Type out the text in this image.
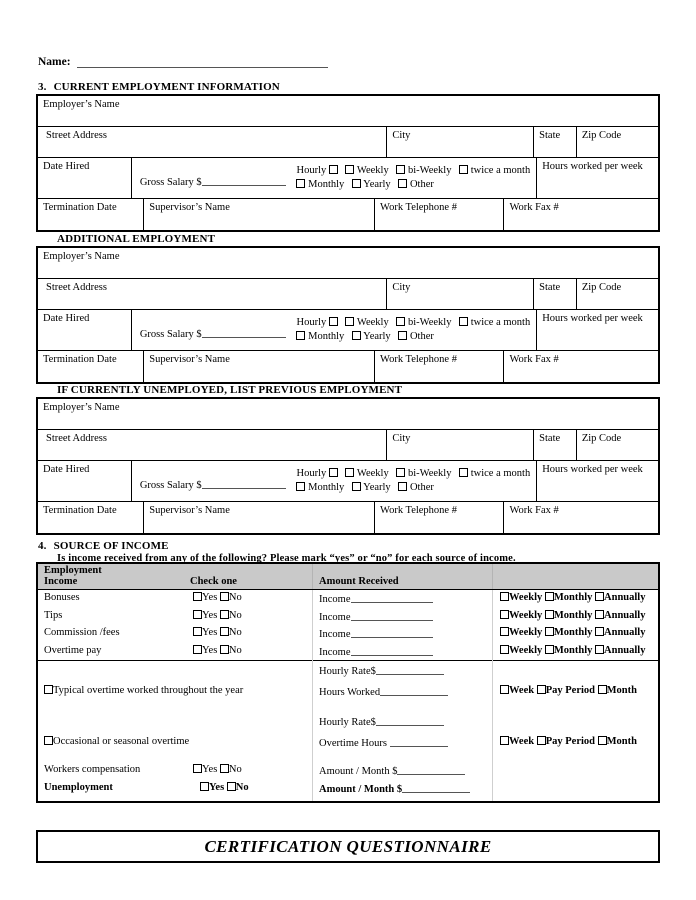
Name:
3. CURRENT EMPLOYMENT INFORMATION
Employer’s Name
Street Address	City	State	Zip Code
Date Hired
Gross Salary $
Hourly	Weekly bi-Weekly twice a month
Monthly Yearly Other
Hours worked per week
Termination Date	Supervisor’s Name	Work Telephone #	Work Fax #
ADDITIONAL EMPLOYMENT
Employer’s Name
Street Address	City	State	Zip Code
Date Hired
Gross Salary $
Hourly	Weekly bi-Weekly twice a month
Monthly Yearly Other
Hours worked per week
Termination Date	Supervisor’s Name	Work Telephone #	Work Fax #
IF CURRENTLY UNEMPLOYED, LIST PREVIOUS EMPLOYMENT
Employer’s Name
Street Address	City	State	Zip Code
Date Hired
Gross Salary $
Hourly	Weekly bi-Weekly twice a month
Monthly Yearly Other
Hours worked per week
Termination Date	Supervisor’s Name	Work Telephone #	Work Fax #
4. SOURCE OF INCOME
Is income received from any of the following? Please mark “yes” or “no” for each source of income.
Employment
Income	Check one	Amount Received
Bonuses	Yes No	Income	Weekly Monthly Annually
Tips	Yes No	Income	Weekly Monthly Annually
Commission /fees	Yes No	Income	Weekly Monthly Annually
Overtime pay	Yes No	Income	Weekly Monthly Annually
Typical overtime worked throughout the year
Hourly Rate$
Hours Worked	Week Pay Period Month
Occasional or seasonal overtime
Hourly Rate$
Overtime Hours	Week Pay Period Month
Workers compensation	Yes No	Amount / Month $
Unemployment	Yes No	Amount / Month $
CERTIFICATION QUESTIONNAIRE
